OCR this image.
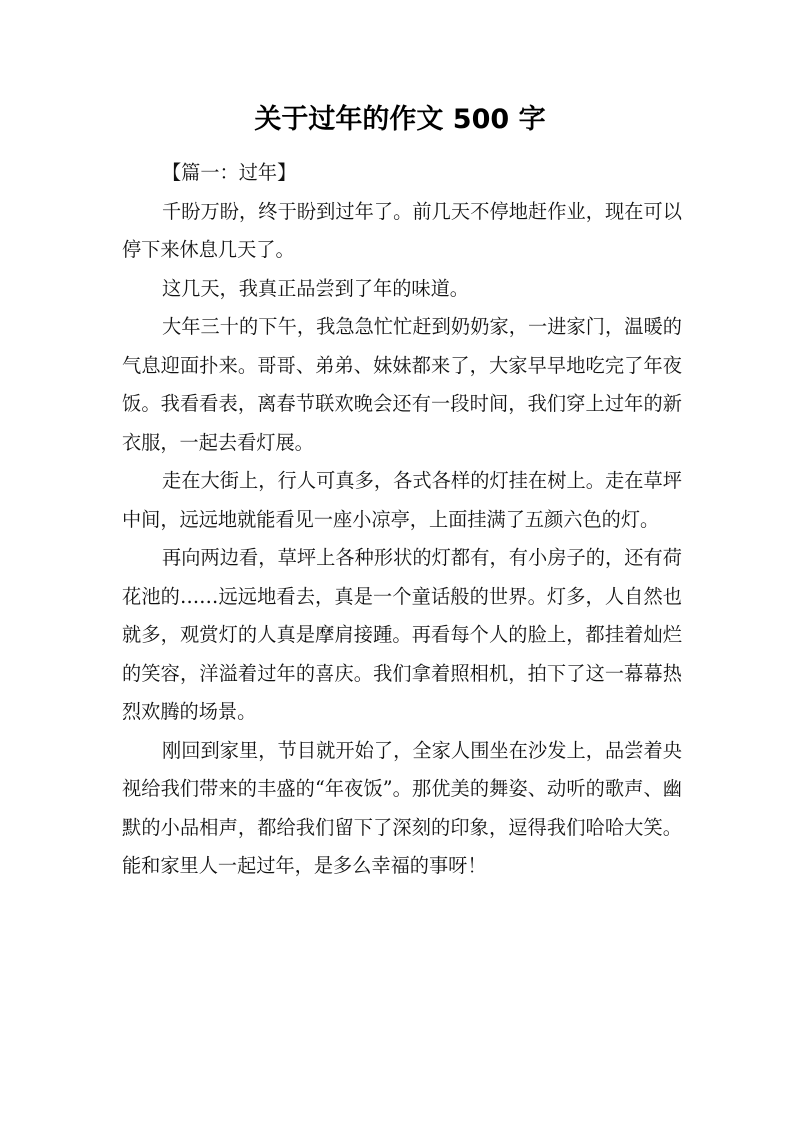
关于过年的作文 500 字

【篇一：过年】

千盼万盼，终于盼到过年了。前几天不停地赶作业，现在可以停下来休息几天了。

这几天，我真正品尝到了年的味道。

大年三十的下午，我急急忙忙赶到奶奶家，一进家门，温暖的气息迎面扑来。哥哥、弟弟、妹妹都来了，大家早早地吃完了年夜饭。我看看表，离春节联欢晚会还有一段时间，我们穿上过年的新衣服，一起去看灯展。

走在大街上，行人可真多，各式各样的灯挂在树上。走在草坪中间，远远地就能看见一座小凉亭，上面挂满了五颜六色的灯。

再向两边看，草坪上各种形状的灯都有，有小房子的，还有荷花池的……远远地看去，真是一个童话般的世界。灯多，人自然也就多，观赏灯的人真是摩肩接踵。再看每个人的脸上，都挂着灿烂的笑容，洋溢着过年的喜庆。我们拿着照相机，拍下了这一幕幕热烈欢腾的场景。

刚回到家里，节目就开始了，全家人围坐在沙发上，品尝着央视给我们带来的丰盛的“年夜饭”。那优美的舞姿、动听的歌声、幽默的小品相声，都给我们留下了深刻的印象，逗得我们哈哈大笑。能和家里人一起过年，是多么幸福的事呀！
